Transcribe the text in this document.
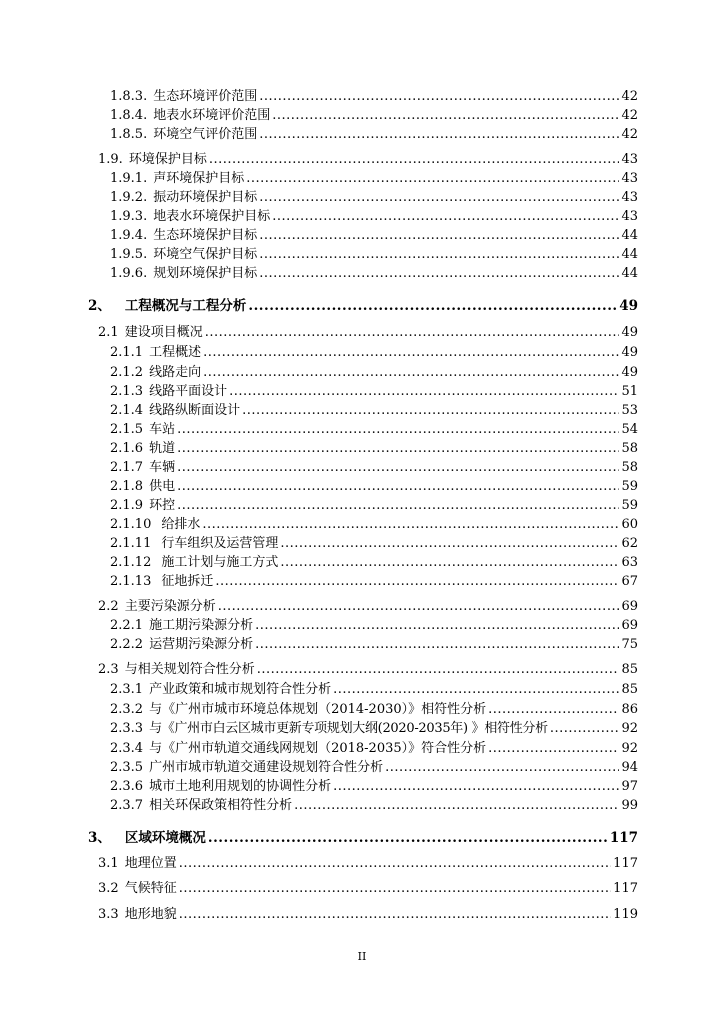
1.8.3. 生态环境评价范围 .....	42
1.8.4. 地表水环境评价范围 .....	42
1.8.5. 环境空气评价范围 .....	42
1.9. 环境保护目标 .....	43
1.9.1. 声环境保护目标 .....	43
1.9.2. 振动环境保护目标 .....	43
1.9.3. 地表水环境保护目标 .....	43
1.9.4. 生态环境保护目标 .....	44
1.9.5. 环境空气保护目标 .....	44
1.9.6. 规划环境保护目标 .....	44
2、 工程概况与工程分析 .....	49
2.1 建设项目概况 .....	49
2.1.1 工程概述 .....	49
2.1.2 线路走向 .....	49
2.1.3 线路平面设计 .....	51
2.1.4 线路纵断面设计 .....	53
2.1.5 车站 .....	54
2.1.6 轨道 .....	58
2.1.7 车辆 .....	58
2.1.8 供电 .....	59
2.1.9 环控 .....	59
2.1.10 给排水 .....	60
2.1.11 行车组织及运营管理 .....	62
2.1.12 施工计划与施工方式 .....	63
2.1.13 征地拆迁 .....	67
2.2 主要污染源分析 .....	69
2.2.1 施工期污染源分析 .....	69
2.2.2 运营期污染源分析 .....	75
2.3 与相关规划符合性分析 .....	85
2.3.1 产业政策和城市规划符合性分析 .....	85
2.3.2 与《广州市城市环境总体规划（2014-2030）》相符性分析 .....	86
2.3.3 与《广州市白云区城市更新专项规划大纲(2020-2035年) 》相符性分析 .....	92
2.3.4 与《广州市轨道交通线网规划（2018-2035）》符合性分析 .....	92
2.3.5 广州市城市轨道交通建设规划符合性分析 .....	94
2.3.6 城市土地利用规划的协调性分析 .....	97
2.3.7 相关环保政策相符性分析 .....	99
3、 区域环境概况 .....	117
3.1 地理位置 .....	117
3.2 气候特征 .....	117
3.3 地形地貌 .....	119
II
